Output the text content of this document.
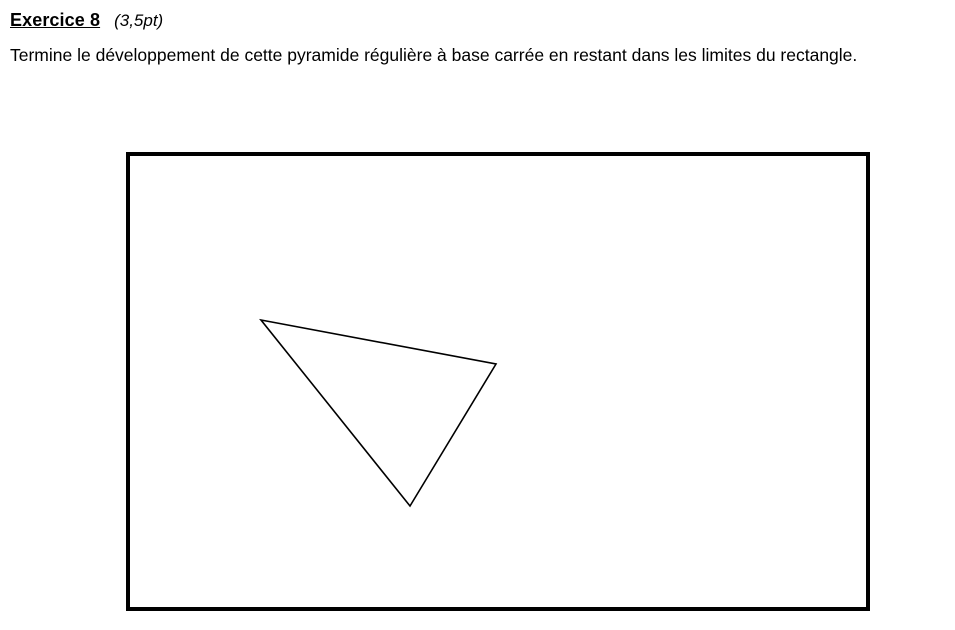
Exercice 8 (3,5pt)
Termine le développement de cette pyramide régulière à base carrée en restant dans les limites du rectangle.
